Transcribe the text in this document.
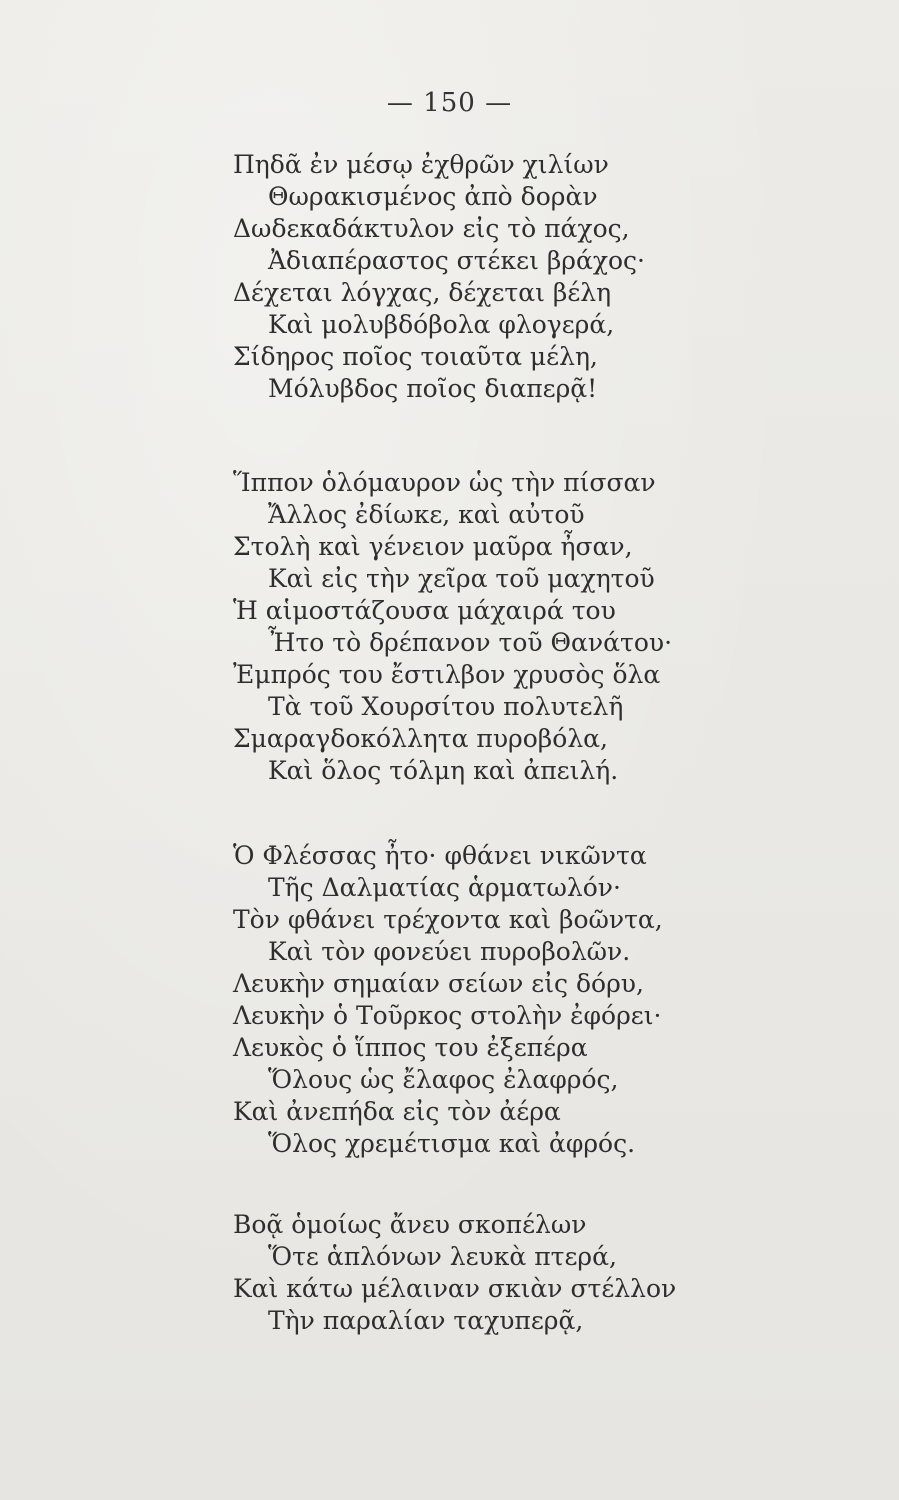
— 150 —
Πηδᾶ ἐν μέσῳ ἐχθρῶν χιλίων
Θωρακισμένος ἀπὸ δορὰν
Δωδεκαδάκτυλον εἰς τὸ πάχος,
Ἀδιαπέραστος στέκει βράχος·
Δέχεται λόγχας, δέχεται βέλη
Καὶ μολυβδόβολα φλογερά,
Σίδηρος ποῖος τοιαῦτα μέλη,
Μόλυβδος ποῖος διαπερᾷ!
Ἵππον ὁλόμαυρον ὡς τὴν πίσσαν
Ἄλλος ἐδίωκε, καὶ αὐτοῦ
Στολὴ καὶ γένειον μαῦρα ἦσαν,
Καὶ εἰς τὴν χεῖρα τοῦ μαχητοῦ
Ἡ αἱμοστάζουσα μάχαιρά του
Ἦτο τὸ δρέπανον τοῦ Θανάτου·
Ἐμπρός του ἔστιλβον χρυσὸς ὅλα
Τὰ τοῦ Χουρσίτου πολυτελῆ
Σμαραγδοκόλλητα πυροβόλα,
Καὶ ὅλος τόλμη καὶ ἀπειλή.
Ὁ Φλέσσας ἦτο· φθάνει νικῶντα
Τῆς Δαλματίας ἁρματωλόν·
Τὸν φθάνει τρέχοντα καὶ βοῶντα,
Καὶ τὸν φονεύει πυροβολῶν.
Λευκὴν σημαίαν σείων εἰς δόρυ,
Λευκὴν ὁ Τοῦρκος στολὴν ἐφόρει·
Λευκὸς ὁ ἵππος του ἐξεπέρα
Ὅλους ὡς ἔλαφος ἐλαφρός,
Καὶ ἀνεπήδα εἰς τὸν ἀέρα
Ὅλος χρεμέτισμα καὶ ἀφρός.
Βοᾷ ὁμοίως ἄνευ σκοπέλων
Ὅτε ἁπλόνων λευκὰ πτερά,
Καὶ κάτω μέλαιναν σκιὰν στέλλον
Τὴν παραλίαν ταχυπερᾷ,
